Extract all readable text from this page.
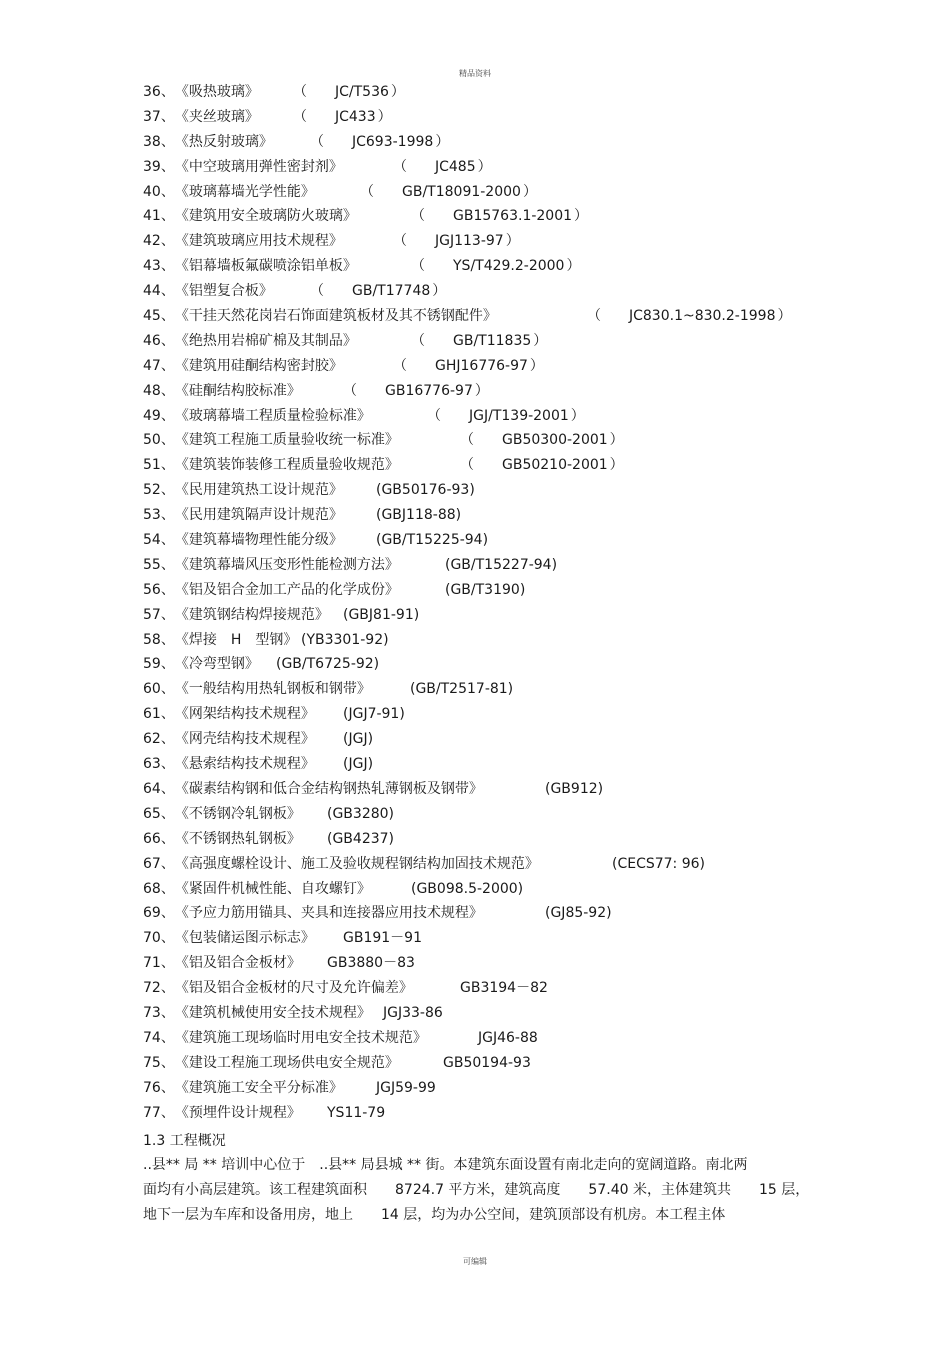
精品资料
36、《吸热玻璃》 （ JC/T536 ）
37、《夹丝玻璃》 （ JC433 ）
38、《热反射玻璃》	（ JC693-1998 ）
39、《中空玻璃用弹性密封剂》	（ JC485 ）
40、《玻璃幕墙光学性能》	（ GB/T18091-2000 ）
41、《建筑用安全玻璃防火玻璃》	（ GB15763.1-2001 ）
42、《建筑玻璃应用技术规程》	（ JGJ113-97 ）
43、《铝幕墙板氟碳喷涂铝单板》	（ YS/T429.2-2000 ）
44、《铝塑复合板》	（ GB/T17748 ）
45、《干挂天然花岗岩石饰面建筑板材及其不锈钢配件》	（ JC830.1~830.2-1998 ）
46、《绝热用岩棉矿棉及其制品》	（ GB/T11835 ）
47、《建筑用硅酮结构密封胶》	（ GHJ16776-97 ）
48、《硅酮结构胶标准》	（ GB16776-97 ）
49、《玻璃幕墙工程质量检验标准》	（ JGJ/T139-2001 ）
50、《建筑工程施工质量验收统一标准》	（ GB50300-2001 ）
51、《建筑装饰装修工程质量验收规范》	（ GB50210-2001 ）
52、《民用建筑热工设计规范》 (GB50176-93)
53、《民用建筑隔声设计规范》 (GBJ118-88)
54、《建筑幕墙物理性能分级》 (GB/T15225-94)
55、《建筑幕墙风压变形性能检测方法》	(GB/T15227-94)
56、《铝及铝合金加工产品的化学成份》	(GB/T3190)
57、《建筑钢结构焊接规范》 (GBJ81-91)
58、《焊接　H　型钢》 (YB3301-92)
59、《冷弯型钢》 (GB/T6725-92)
60、《一般结构用热轧钢板和钢带》	(GB/T2517-81)
61、《网架结构技术规程》 (JGJ7-91)
62、《网壳结构技术规程》 (JGJ)
63、《悬索结构技术规程》 (JGJ)
64、《碳素结构钢和低合金结构钢热轧薄钢板及钢带》	(GB912)
65、《不锈钢冷轧钢板》 (GB3280)
66、《不锈钢热轧钢板》 (GB4237)
67、《高强度螺栓设计、施工及验收规程钢结构加固技术规范》	(CECS77: 96)
68、《紧固件机械性能、自攻螺钉》	(GB098.5-2000)
69、《予应力筋用锚具、夹具和连接器应用技术规程》	(GJ85-92)
70、《包装储运图示标志》 GB191－91
71、《铝及铝合金板材》 GB3880－83
72、《铝及铝合金板材的尺寸及允许偏差》	GB3194－82
73、《建筑机械使用安全技术规程》 JGJ33-86
74、《建筑施工现场临时用电安全技术规范》	JGJ46-88
75、《建设工程施工现场供电安全规范》	GB50194-93
76、《建筑施工安全平分标准》 JGJ59-99
77、《预埋件设计规程》 YS11-79
1.3 工程概况
..县** 局 ** 培训中心位于　..县** 局县城 ** 街。本建筑东面设置有南北走向的宽阔道路。南北两
面均有小高层建筑。该工程建筑面积　　8724.7 平方米，建筑高度　　57.40 米，主体建筑共　　15 层，
地下一层为车库和设备用房，地上　　14 层，均为办公空间，建筑顶部设有机房。本工程主体
可编辑
